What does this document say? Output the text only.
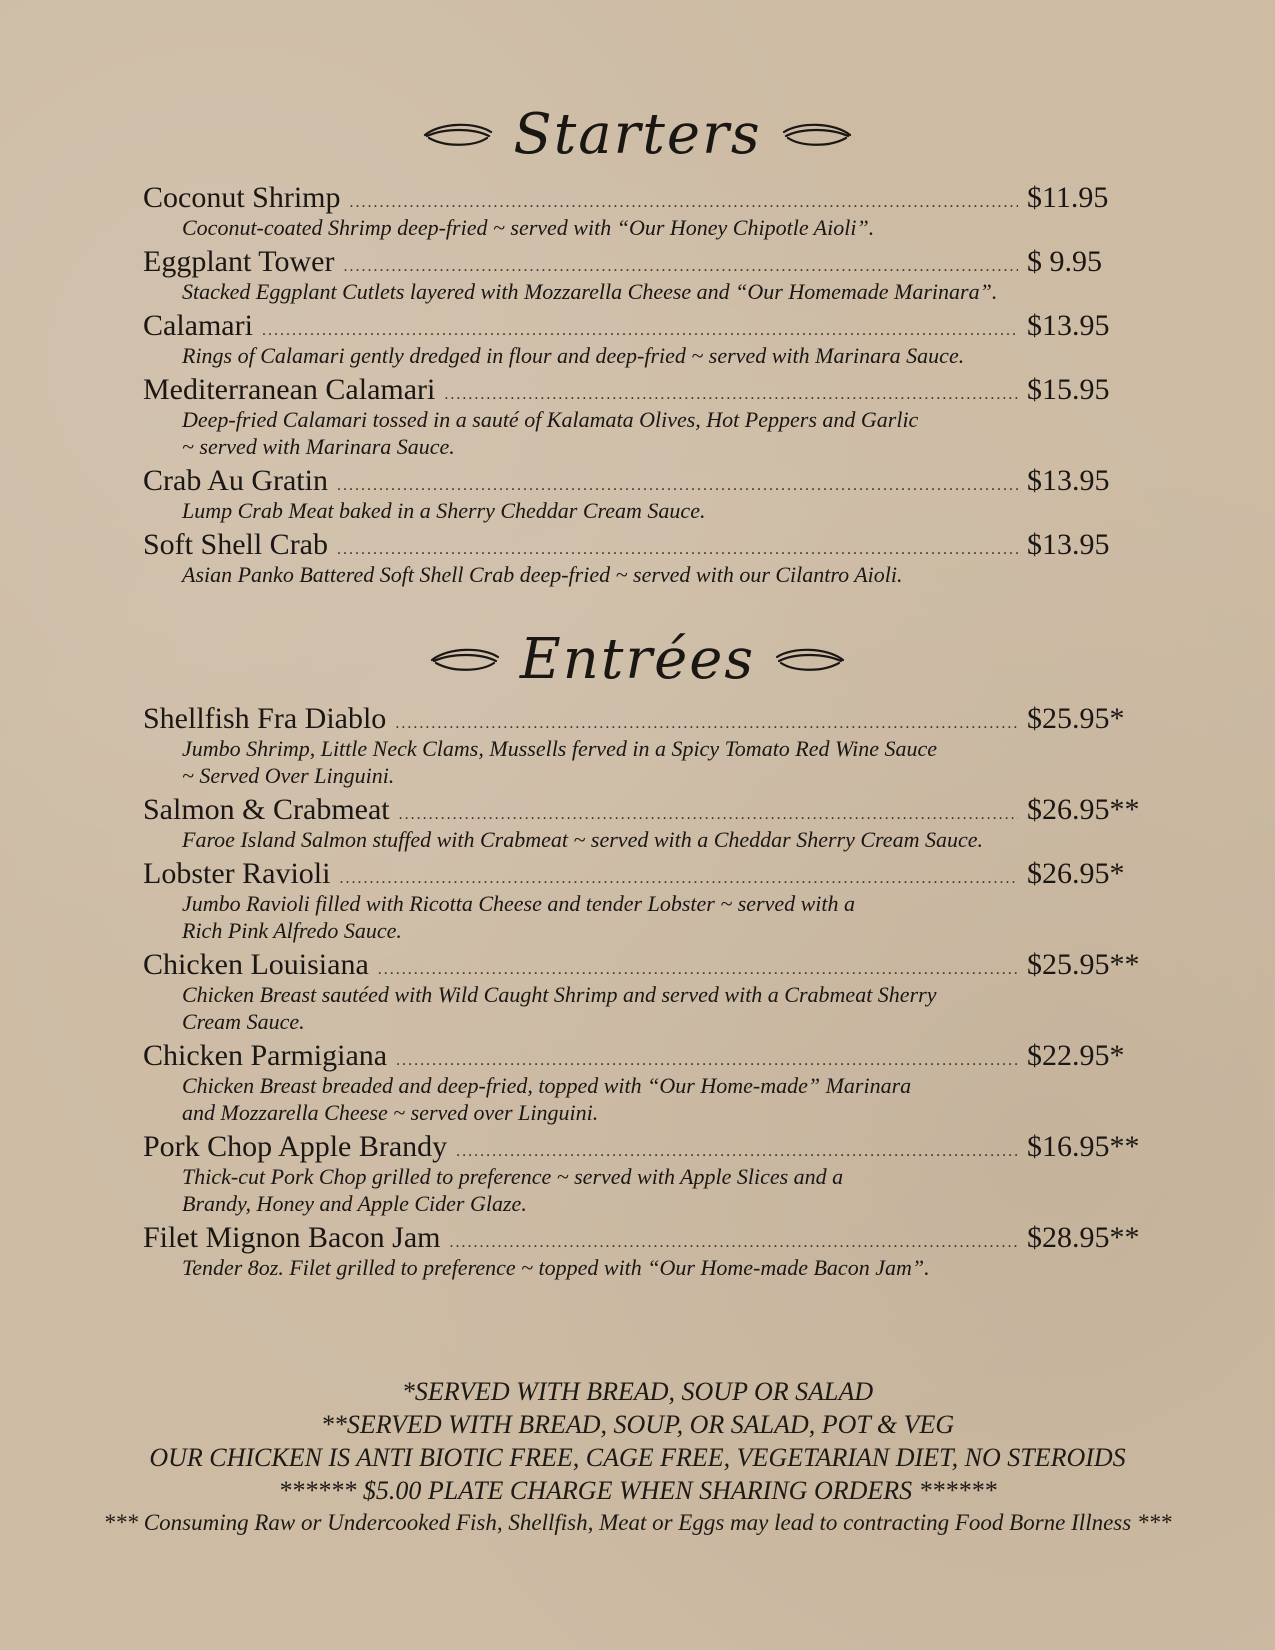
Starters
Coconut Shrimp .....	$11.95
Coconut-coated Shrimp deep-fried ~ served with “Our Honey Chipotle Aioli”.
Eggplant Tower .....	$ 9.95
Stacked Eggplant Cutlets layered with Mozzarella Cheese and “Our Homemade Marinara”.
Calamari .....	$13.95
Rings of Calamari gently dredged in flour and deep-fried ~ served with Marinara Sauce.
Mediterranean Calamari .....	$15.95
Deep-fried Calamari tossed in a sauté of Kalamata Olives, Hot Peppers and Garlic
~ served with Marinara Sauce.
Crab Au Gratin .....	$13.95
Lump Crab Meat baked in a Sherry Cheddar Cream Sauce.
Soft Shell Crab .....	$13.95
Asian Panko Battered Soft Shell Crab deep-fried ~ served with our Cilantro Aioli.
Entrées
Shellfish Fra Diablo .....	$25.95*
Jumbo Shrimp, Little Neck Clams, Mussells ferved in a Spicy Tomato Red Wine Sauce
~ Served Over Linguini.
Salmon & Crabmeat .....	$26.95**
Faroe Island Salmon stuffed with Crabmeat ~ served with a Cheddar Sherry Cream Sauce.
Lobster Ravioli .....	$26.95*
Jumbo Ravioli filled with Ricotta Cheese and tender Lobster ~ served with a
Rich Pink Alfredo Sauce.
Chicken Louisiana .....	$25.95**
Chicken Breast sautéed with Wild Caught Shrimp and served with a Crabmeat Sherry
Cream Sauce.
Chicken Parmigiana .....	$22.95*
Chicken Breast breaded and deep-fried, topped with “Our Home-made” Marinara
and Mozzarella Cheese ~ served over Linguini.
Pork Chop Apple Brandy .....	$16.95**
Thick-cut Pork Chop grilled to preference ~ served with Apple Slices and a
Brandy, Honey and Apple Cider Glaze.
Filet Mignon Bacon Jam .....	$28.95**
Tender 8oz. Filet grilled to preference ~ topped with “Our Home-made Bacon Jam”.
*SERVED WITH BREAD, SOUP OR SALAD
**SERVED WITH BREAD, SOUP, OR SALAD, POT & VEG
OUR CHICKEN IS ANTI BIOTIC FREE, CAGE FREE, VEGETARIAN DIET, NO STEROIDS
****** $5.00 PLATE CHARGE WHEN SHARING ORDERS ******
*** Consuming Raw or Undercooked Fish, Shellfish, Meat or Eggs may lead to contracting Food Borne Illness ***
